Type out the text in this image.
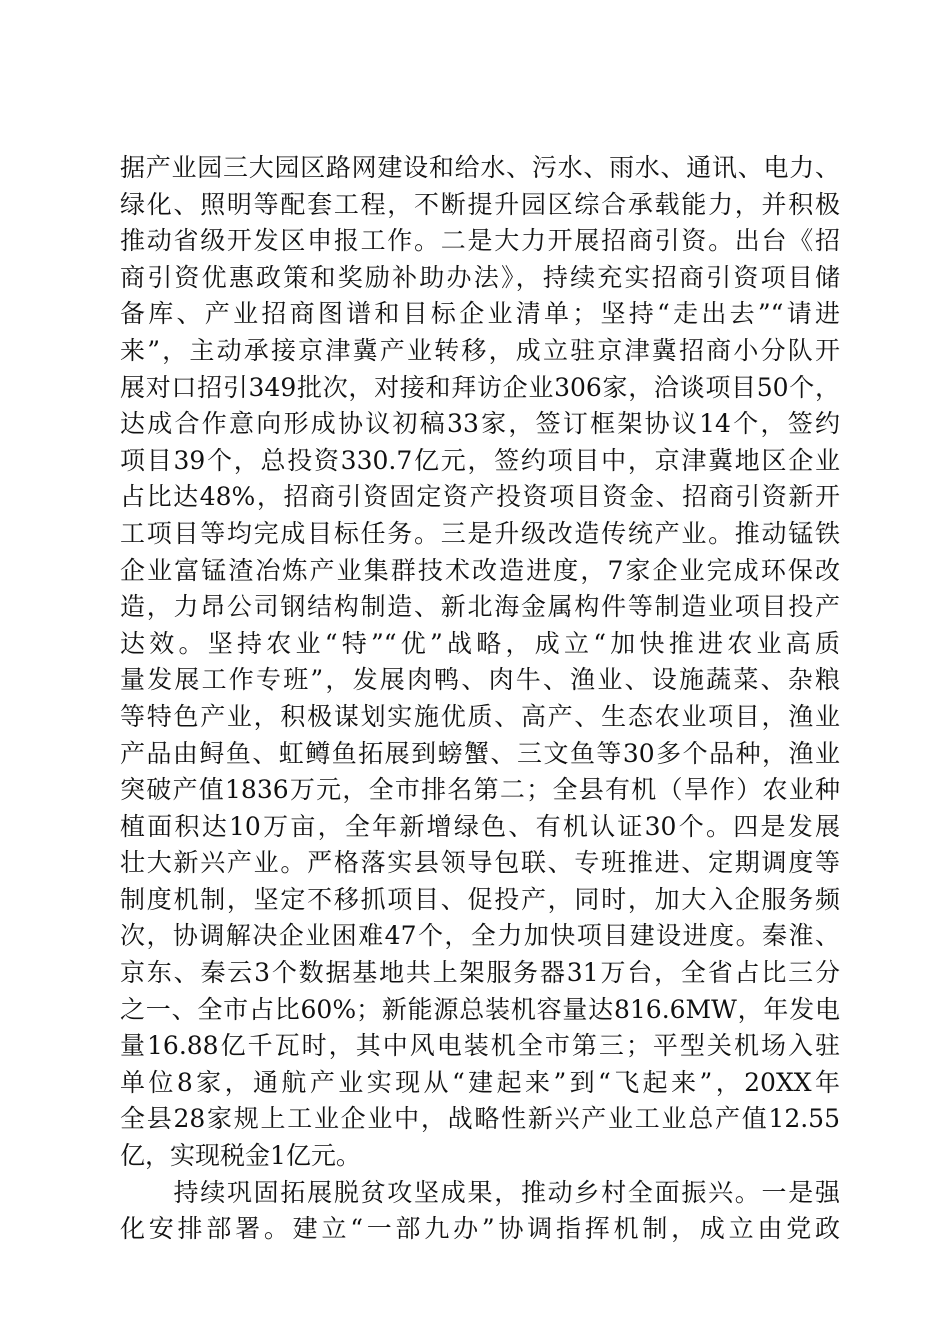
据产业园三大园区路网建设和给水、污水、雨水、通讯、电力、
绿化、照明等配套工程，不断提升园区综合承载能力，并积极
推动省级开发区申报工作。二是大力开展招商引资。出台《招
商引资优惠政策和奖励补助办法》，持续充实招商引资项目储
备库、产业招商图谱和目标企业清单；坚持“走出去”“请进
来”，主动承接京津冀产业转移，成立驻京津冀招商小分队开
展对口招引349批次，对接和拜访企业306家，洽谈项目50个，
达成合作意向形成协议初稿33家，签订框架协议14个，签约
项目39个，总投资330.7亿元，签约项目中，京津冀地区企业
占比达48%，招商引资固定资产投资项目资金、招商引资新开
工项目等均完成目标任务。三是升级改造传统产业。推动锰铁
企业富锰渣冶炼产业集群技术改造进度，7家企业完成环保改
造，力昂公司钢结构制造、新北海金属构件等制造业项目投产
达效。坚持农业“特”“优”战略，成立“加快推进农业高质
量发展工作专班”，发展肉鸭、肉牛、渔业、设施蔬菜、杂粮
等特色产业，积极谋划实施优质、高产、生态农业项目，渔业
产品由鲟鱼、虹鳟鱼拓展到螃蟹、三文鱼等30多个品种，渔业
突破产值1836万元，全市排名第二；全县有机（旱作）农业种
植面积达10万亩，全年新增绿色、有机认证30个。四是发展
壮大新兴产业。严格落实县领导包联、专班推进、定期调度等
制度机制，坚定不移抓项目、促投产，同时，加大入企服务频
次，协调解决企业困难47个，全力加快项目建设进度。秦淮、
京东、秦云3个数据基地共上架服务器31万台，全省占比三分
之一、全市占比60%；新能源总装机容量达816.6MW，年发电
量16.88亿千瓦时，其中风电装机全市第三；平型关机场入驻
单位8家，通航产业实现从“建起来”到“飞起来”，20XX年
全县28家规上工业企业中，战略性新兴产业工业总产值12.55
亿，实现税金1亿元。
　　持续巩固拓展脱贫攻坚成果，推动乡村全面振兴。一是强
化安排部署。建立“一部九办”协调指挥机制，成立由党政
